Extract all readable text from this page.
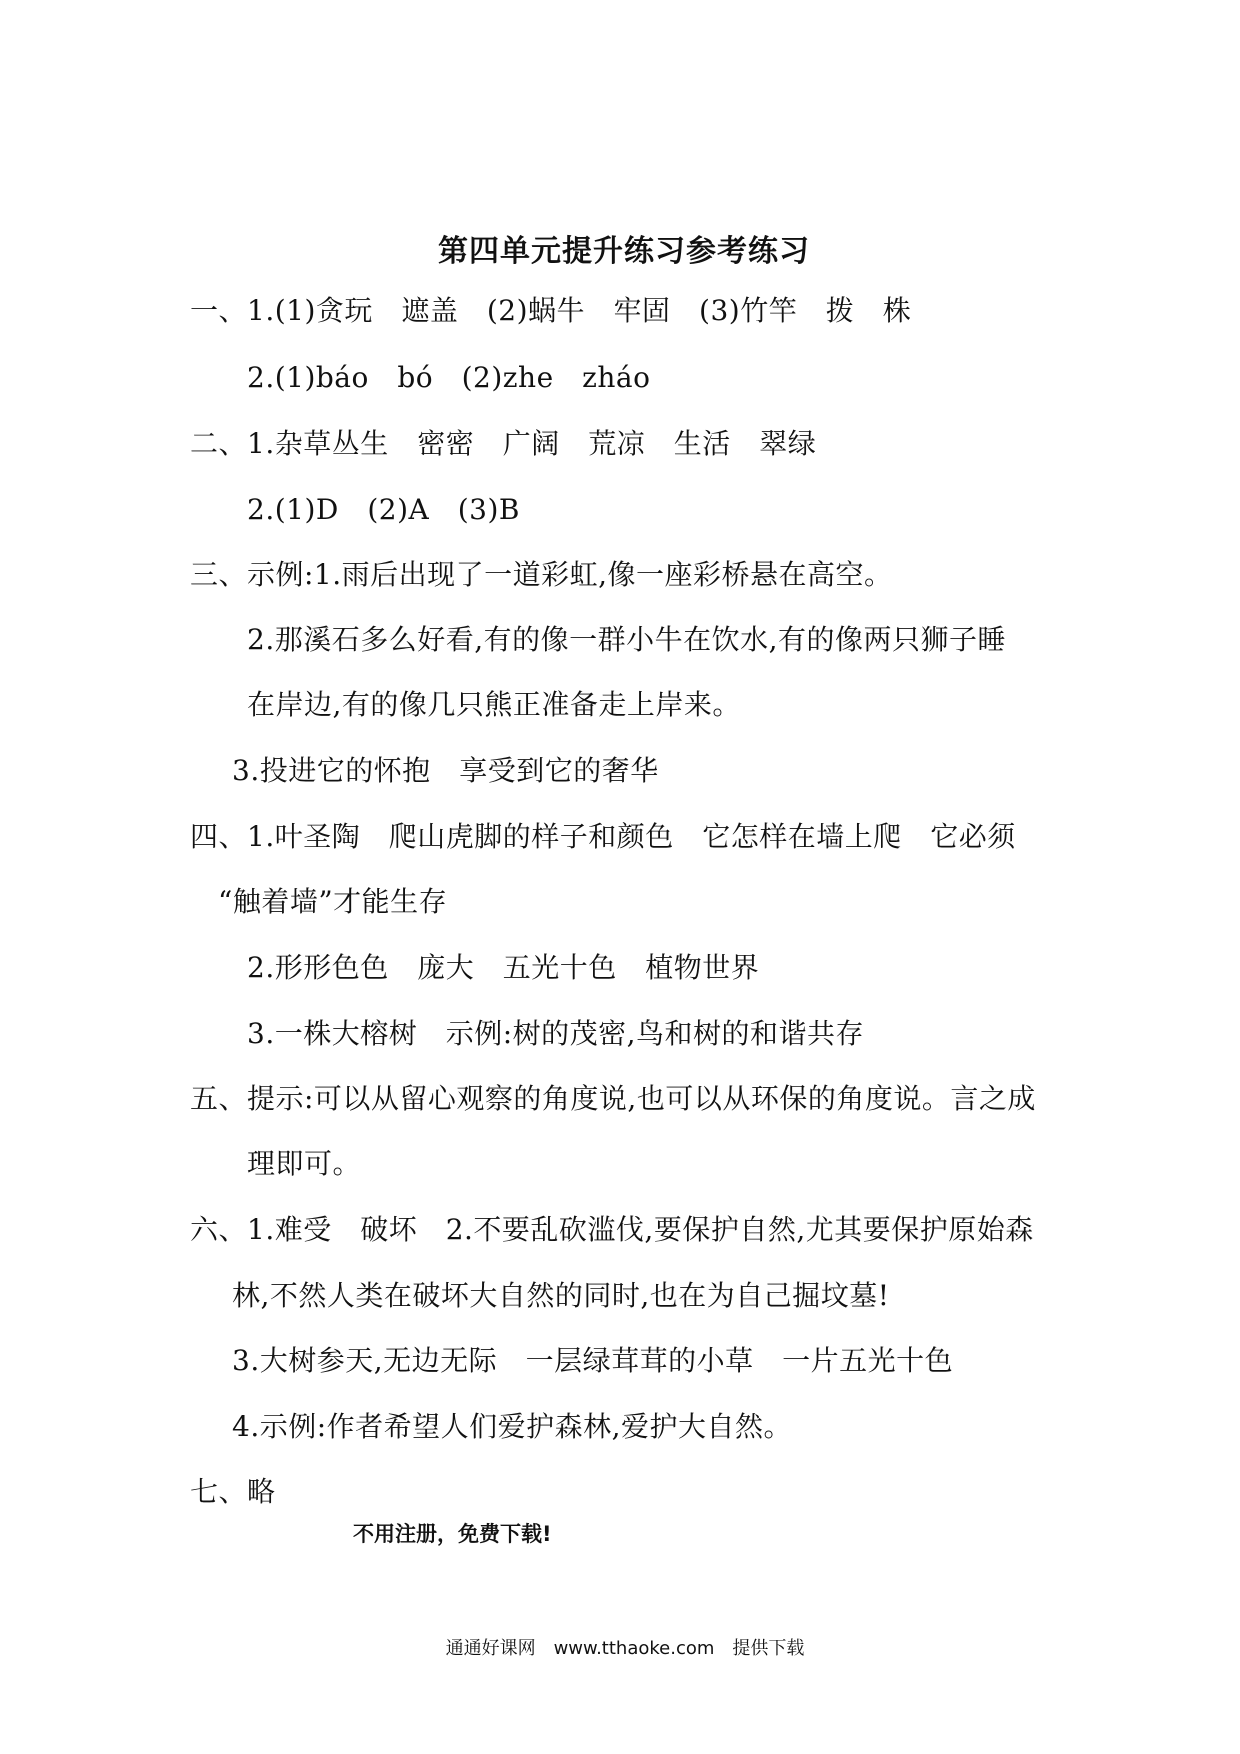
第四单元提升练习参考练习
一、1.(1)贪玩　遮盖　(2)蜗牛　牢固　(3)竹竿　拨　株
2.(1)báo　bó　(2)zhe　zháo
二、1.杂草丛生　密密　广阔　荒凉　生活　翠绿
2.(1)D　(2)A　(3)B
三、示例:1.雨后出现了一道彩虹,像一座彩桥悬在高空。
2.那溪石多么好看,有的像一群小牛在饮水,有的像两只狮子睡
在岸边,有的像几只熊正准备走上岸来。
3.投进它的怀抱　享受到它的奢华
四、1.叶圣陶　爬山虎脚的样子和颜色　它怎样在墙上爬　它必须
“触着墙”才能生存
2.形形色色　庞大　五光十色　植物世界
3.一株大榕树　示例:树的茂密,鸟和树的和谐共存
五、提示:可以从留心观察的角度说,也可以从环保的角度说。言之成
理即可。
六、1.难受　破坏　2.不要乱砍滥伐,要保护自然,尤其要保护原始森
林,不然人类在破坏大自然的同时,也在为自己掘坟墓!
3.大树参天,无边无际　一层绿茸茸的小草　一片五光十色
4.示例:作者希望人们爱护森林,爱护大自然。
七、略
不用注册，免费下载!
通通好课网　www.tthaoke.com　提供下载
